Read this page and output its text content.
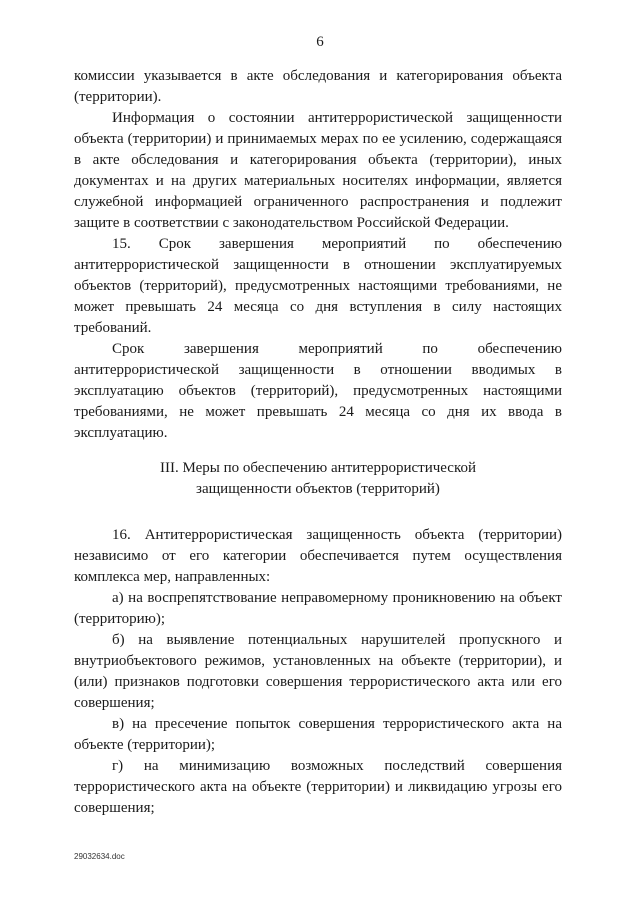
6

комиссии указывается в акте обследования и категорирования объекта (территории).

Информация о состоянии антитеррористической защищенности объекта (территории) и принимаемых мерах по ее усилению, содержащаяся в акте обследования и категорирования объекта (территории), иных документах и на других материальных носителях информации, является служебной информацией ограниченного распространения и подлежит защите в соответствии с законодательством Российской Федерации.

15. Срок завершения мероприятий по обеспечению антитеррористической защищенности в отношении эксплуатируемых объектов (территорий), предусмотренных настоящими требованиями, не может превышать 24 месяца со дня вступления в силу настоящих требований.

Срок завершения мероприятий по обеспечению антитеррористической защищенности в отношении вводимых в эксплуатацию объектов (территорий), предусмотренных настоящими требованиями, не может превышать 24 месяца со дня их ввода в эксплуатацию.

III. Меры по обеспечению антитеррористической
защищенности объектов (территорий)

16. Антитеррористическая защищенность объекта (территории) независимо от его категории обеспечивается путем осуществления комплекса мер, направленных:

а) на воспрепятствование неправомерному проникновению на объект (территорию);

б) на выявление потенциальных нарушителей пропускного и внутриобъектового режимов, установленных на объекте (территории), и (или) признаков подготовки совершения террористического акта или его совершения;

в) на пресечение попыток совершения террористического акта на объекте (территории);

г) на минимизацию возможных последствий совершения террористического акта на объекте (территории) и ликвидацию угрозы его совершения;

29032634.doc
